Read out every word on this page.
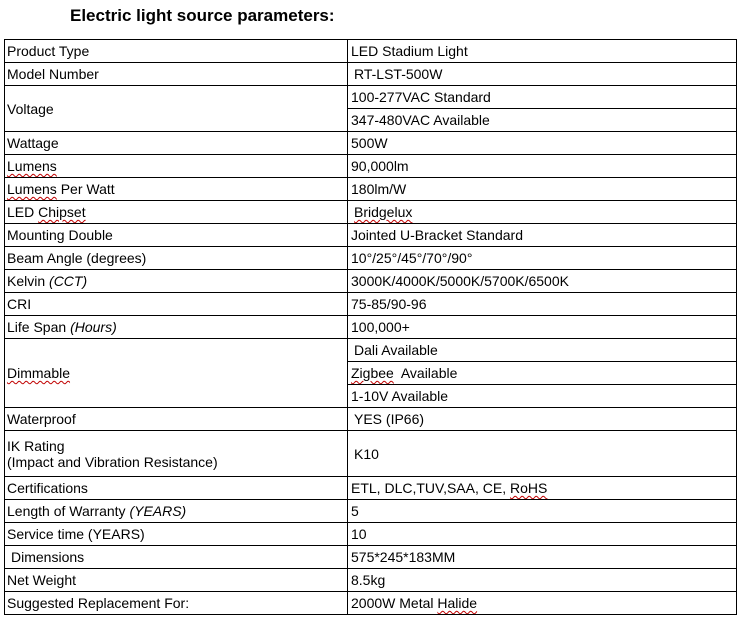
Electric light source parameters:
Product Type	LED Stadium Light
Model Number	RT-LST-500W
Voltage	100-277VAC Standard
	347-480VAC Available
Wattage	500W
Lumens	90,000lm
Lumens Per Watt	180lm/W
LED Chipset	Bridgelux
Mounting Double	Jointed U-Bracket Standard
Beam Angle (degrees)	10°/25°/45°/70°/90°
Kelvin (CCT)	3000K/4000K/5000K/5700K/6500K
CRI	75-85/90-96
Life Span (Hours)	100,000+
Dimmable	Dali Available
	Zigbee  Available
	1-10V Available
Waterproof	YES (IP66)

IK Rating
(Impact and Vibration Resistance)	K10
Certifications	ETL, DLC,TUV,SAA, CE, RoHS
Length of Warranty (YEARS)	5
Service time (YEARS)	10
Dimensions	575*245*183MM
Net Weight	8.5kg
Suggested Replacement For:	2000W Metal Halide
